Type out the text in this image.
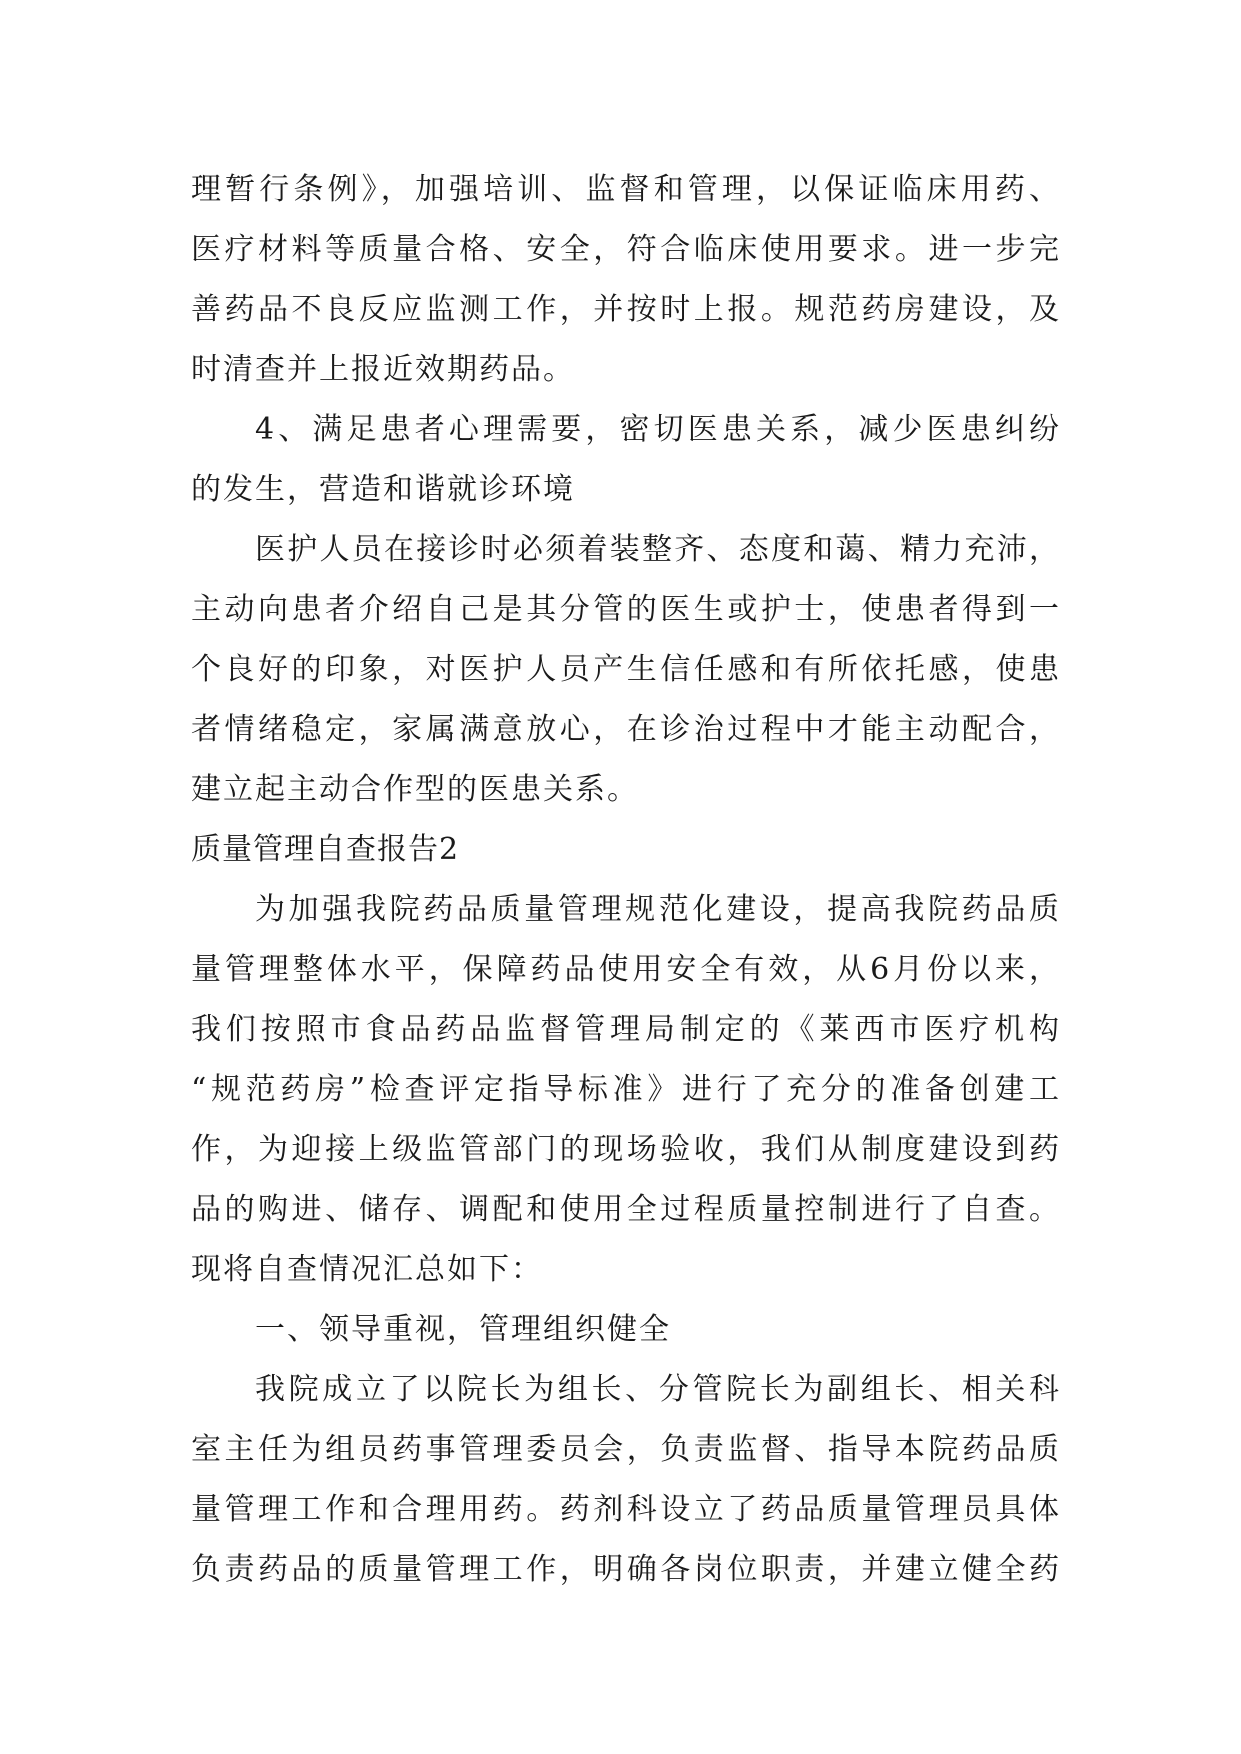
理暂行条例》，加强培训、监督和管理，以保证临床用药、
医疗材料等质量合格、安全，符合临床使用要求。进一步完
善药品不良反应监测工作，并按时上报。规范药房建设，及
时清查并上报近效期药品。
4、满足患者心理需要，密切医患关系，减少医患纠纷
的发生，营造和谐就诊环境
医护人员在接诊时必须着装整齐、态度和蔼、精力充沛，
主动向患者介绍自己是其分管的医生或护士，使患者得到一
个良好的印象，对医护人员产生信任感和有所依托感，使患
者情绪稳定，家属满意放心，在诊治过程中才能主动配合，
建立起主动合作型的医患关系。
质量管理自查报告2
为加强我院药品质量管理规范化建设，提高我院药品质
量管理整体水平，保障药品使用安全有效，从6月份以来，
我们按照市食品药品监督管理局制定的《莱西市医疗机构
“规范药房”检查评定指导标准》进行了充分的准备创建工
作，为迎接上级监管部门的现场验收，我们从制度建设到药
品的购进、储存、调配和使用全过程质量控制进行了自查。
现将自查情况汇总如下：
一、领导重视，管理组织健全
我院成立了以院长为组长、分管院长为副组长、相关科
室主任为组员药事管理委员会，负责监督、指导本院药品质
量管理工作和合理用药。药剂科设立了药品质量管理员具体
负责药品的质量管理工作，明确各岗位职责，并建立健全药
